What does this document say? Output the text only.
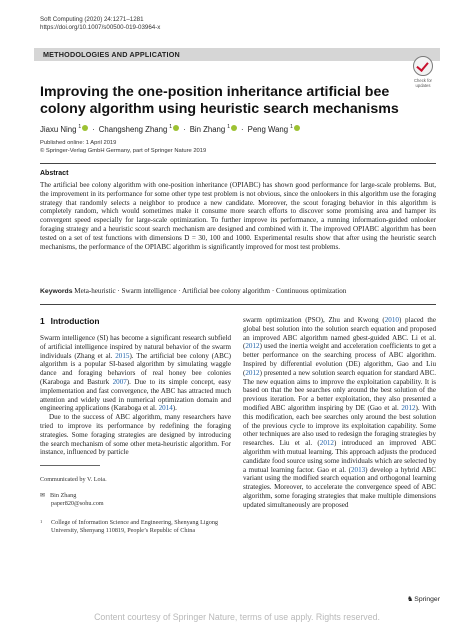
Soft Computing (2020) 24:1271–1281
https://doi.org/10.1007/s00500-019-03964-x
METHODOLOGIES AND APPLICATION
Check for
updates
Improving the one-position inheritance artificial bee colony algorithm using heuristic search mechanisms
Jiaxu Ning $^1$ · Changsheng Zhang $^1$ · Bin Zhang $^1$ · Peng Wang $^1$
Published online: 1 April 2019
© Springer-Verlag GmbH Germany, part of Springer Nature 2019
Abstract
The artificial bee colony algorithm with one-position inheritance (OPIABC) has shown good performance for large-scale problems. But, the improvement in its performance for some other type test problem is not obvious, since the onlookers in this algorithm use the foraging strategy that randomly selects a neighbor to produce a new candidate. Moreover, the scout foraging behavior in this algorithm is completely random, which would sometimes make it consume more search efforts to discover some promising area and hamper its convergent speed especially for large-scale optimization. To further improve its performance, a running information-guided onlooker foraging strategy and a heuristic scout search mechanism are designed and combined with it. The improved OPIABC algorithm has been tested on a set of test functions with dimensions D = 30, 100 and 1000. Experimental results show that after using the heuristic search mechanisms, the performance of the OPIABC algorithm is significantly improved for most test problems.
Keywords Meta-heuristic · Swarm intelligence · Artificial bee colony algorithm · Continuous optimization
1 Introduction

Swarm intelligence (SI) has become a significant research subfield of artificial intelligence inspired by natural behavior of the swarm individuals (Zhang et al. 2015). The artificial bee colony (ABC) algorithm is a popular SI-based algorithm by simulating waggle dance and foraging behaviors of real honey bee colonies (Karaboga and Basturk 2007). Due to its simple concept, easy implementation and fast convergence, the ABC has attracted much attention and widely used in numerical optimization domain and engineering applications (Karaboga et al. 2014).

Due to the success of ABC algorithm, many researchers have tried to improve its performance by redefining the foraging strategies. Some foraging strategies are designed by introducing the search mechanism of some other meta-heuristic algorithm. For instance, influenced by particle

Communicated by V. Loia.
✉ Bin Zhang
paper820@sohu.com
1	College of Information Science and Engineering, Shenyang Ligong University, Shenyang 110819, People’s Republic of China

swarm optimization (PSO), Zhu and Kwong (2010) placed the global best solution into the solution search equation and proposed an improved ABC algorithm named gbest-guided ABC. Li et al. (2012) used the inertia weight and acceleration coefficients to get a better performance on the searching process of ABC algorithm. Inspired by differential evolution (DE) algorithm, Gao and Liu (2012) presented a new solution search equation for standard ABC. The new equation aims to improve the exploitation capability. It is based on that the bee searches only around the best solution of the previous iteration. For a better exploitation, they also presented a modified ABC algorithm inspiring by DE (Gao et al. 2012). With this modification, each bee searches only around the best solution of the previous cycle to improve its exploitation capability. Some other techniques are also used to redesign the foraging strategies by researches. Liu et al. (2012) introduced an improved ABC algorithm with mutual learning. This approach adjusts the produced candidate food source using some individuals which are selected by a mutual learning factor. Gao et al. (2013) develop a hybrid ABC variant using the modified search equation and orthogonal learning strategies. Moreover, to accelerate the convergence speed of ABC algorithm, some foraging strategies that make multiple dimensions updated simultaneously are proposed

♞Springer
Content courtesy of Springer Nature, terms of use apply. Rights reserved.
